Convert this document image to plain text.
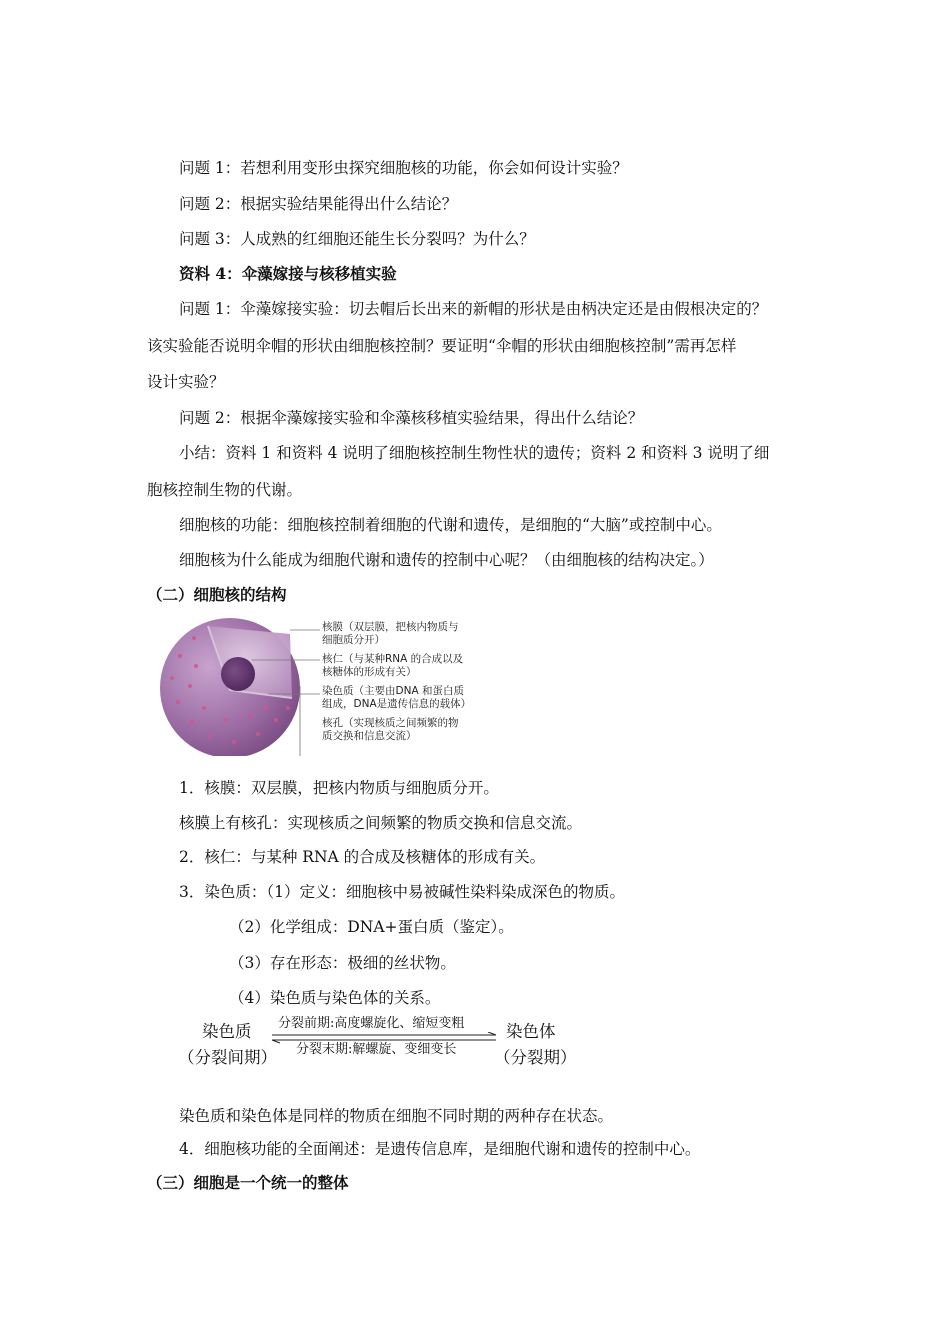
问题 1：若想利用变形虫探究细胞核的功能，你会如何设计实验？
问题 2：根据实验结果能得出什么结论？
问题 3：人成熟的红细胞还能生长分裂吗？为什么？
资料 4：伞藻嫁接与核移植实验
问题 1：伞藻嫁接实验：切去帽后长出来的新帽的形状是由柄决定还是由假根决定的？
该实验能否说明伞帽的形状由细胞核控制？要证明“伞帽的形状由细胞核控制”需再怎样
设计实验？
问题 2：根据伞藻嫁接实验和伞藻核移植实验结果，得出什么结论？
小结：资料 1 和资料 4 说明了细胞核控制生物性状的遗传；资料 2 和资料 3 说明了细
胞核控制生物的代谢。
细胞核的功能：细胞核控制着细胞的代谢和遗传，是细胞的“大脑”或控制中心。
细胞核为什么能成为细胞代谢和遗传的控制中心呢？（由细胞核的结构决定。）
（二）细胞核的结构
核膜（双层膜，把核内物质与
细胞质分开）
核仁（与某种RNA 的合成以及
核糖体的形成有关）
染色质（主要由DNA 和蛋白质
组成，DNA是遗传信息的载体）
核孔（实现核质之间频繁的物
质交换和信息交流）
1．核膜：双层膜，把核内物质与细胞质分开。
核膜上有核孔：实现核质之间频繁的物质交换和信息交流。
2．核仁：与某种 RNA 的合成及核糖体的形成有关。
3．染色质：（1）定义：细胞核中易被碱性染料染成深色的物质。
（2）化学组成：DNA+蛋白质（鉴定）。
（3）存在形态：极细的丝状物。
（4）染色质与染色体的关系。
染色质
（分裂间期）
分裂前期:高度螺旋化、缩短变粗
分裂末期:解螺旋、变细变长
染色体
（分裂期）
染色质和染色体是同样的物质在细胞不同时期的两种存在状态。
4．细胞核功能的全面阐述：是遗传信息库，是细胞代谢和遗传的控制中心。
（三）细胞是一个统一的整体
